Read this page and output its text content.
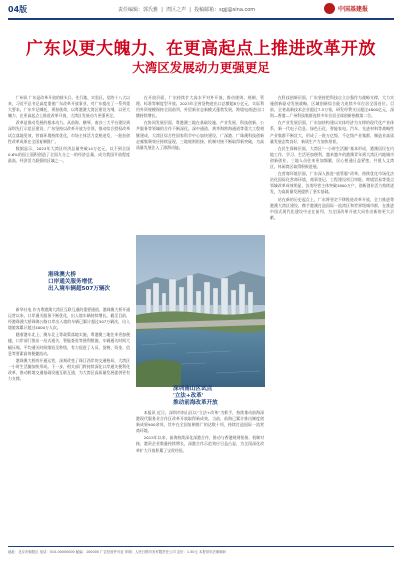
04版	责任编辑：郭氏雅  |  湾区之声  |  投稿邮箱：sgjj@sina.com	中国基建报
广东以更大魄力、在更高起点上推进改革开放
大湾区发展动力更强更足

广州讯 广东是改革开放的排头兵、先行地、实验区。党的十八大以来，习近平总书记高度重视广东改革开放事业，对广东提出了一系列重大要求。广东牢记嘱托，勇担使命，以粤港澳大湾区建设为纲，以更大魄力、在更高起点上推进改革开放，大湾区发展动力更强更足。

改革是推动发展的根本动力。从前海、横琴、南沙三大平台建设到深圳先行示范区建设，广东坚持以改革开放为引领，推动综合授权改革试点落地见效，营商环境持续优化，市场主体活力竞相迸发，一批首创性改革成果在全国复制推广。

数据显示，2023年大湾区经济总量突破14万亿元，以不到全国0.6%的国土面积创造了全国九分之一的经济总量，成为我国开放程度最高、经济活力最强的区域之一。

港珠澳大桥
口岸通关服务增优
出入境车辆超507万辆次

新华社电 作为粤港澳大湾区互联互通的重要通道，港珠澳大桥开通运营以来，口岸通关服务不断优化，出入境车辆持续增长。截至目前，经港珠澳大桥珠海公路口岸出入境的车辆已累计超过507万辆次，出入境旅客累计超过4000万人次。

随着港车北上、澳车北上等政策落地实施，粤港澳三地往来更加便捷。口岸部门推出一站式通关、智能查验等便利措施，车辆通关时间大幅压缩，平均通关时间缩短至秒级，有力促进了人员、货物、资金、信息等要素高效便捷流动。

港珠澳大桥的开通运营，深刻改变了珠江西岸的交通格局，大湾区一小时生活圈加快形成。下一步，相关部门将持续深化口岸通关便利化改革，推动跨境交通基础设施互联互通，为大湾区高质量发展提供更有力支撑。

在开放层面，广东持续扩大高水平对外开放，推动规则、规制、管理、标准等制度型开放。2023年全省货物进出口总额超8万亿元，实际利用外资规模保持全国前列，外贸新业态新模式蓬勃发展，跨境电商进出口额持续增长。

在协同发展层面，粤港澳三地在基础设施、产业发展、科技创新、公共服务等领域的合作不断深化。深中通道、黄茅海跨海通道等重大工程相继建成，大湾区综合性国家科学中心加快建设，广深港、广珠澳科技创新走廊集聚效应持续显现，三地规则衔接、机制对接不断取得新突破，为高质量发展注入了澎湃动能。

深圳南山区试点
'立法+改革'
推动前海改革开放

本报讯 近日，深圳市南山区以“立法+改革”为抓手，持续推动前海深港现代服务业合作区改革开放取得新成效。当前，前海已累计推出制度创新成果900余项，其中在全国复制推广的达数十项，持续打造国际一流营商环境。

2015年以来，前海持续深化深港合作，推动与香港规则衔接、机制对接，港资企业数量持续增长，深港合作示范效应日益凸显，为全国深化改革扩大开放积累了宝贵经验。

在科技创新层面，广东坚持把科技自立自强作为战略支撑，大力实施创新驱动发展战略，区域创新综合能力连续多年位居全国首位。目前，全省高新技术企业超过7.5万家，研发经费支出超过4800亿元，深圳—香港—广州科技集群连续多年位居全球创新指数第二位。

在产业发展层面，广东加快构建以实体经济为支撑的现代化产业体系，新一代电子信息、绿色石化、智能家电、汽车、先进材料等战略性产业集群不断壮大，形成了一批万亿级、千亿级产业集群，制造业高质量发展态势良好，新质生产力加快培育。

在民生保障层面，大湾区“一小时生活圈”基本形成，港澳居民在内地工作、学习、生活更加便利，越来越多的港澳青年到大湾区内地城市创新创业，三地人员往来更加频繁，民心相通日益紧密，共建人文湾区、休闲湾区取得积极进展。

在营商环境层面，广东深入推进“放管服”改革，持续优化市场化法治化国际化营商环境，商事登记、工程建设项目审批、跨境贸易等重点领域改革成效明显，各类经营主体突破1800万户，创新创业活力持续迸发，为高质量发展提供了坚实基础。

站在新的历史起点上，广东将坚定不移推进改革开放，全力推进粤港澳大湾区建设，携手港澳打造国际一流湾区和世界级城市群，在推进中国式现代化建设中走在前列，为全国改革开放大局作出新的更大贡献。

地址：北京市朝阳区 电话：010-00000000 邮编：100000 广告经营许可证 印刷：人民日报印务有限责任公司 定价：1.50元 本报常年法律顾问
